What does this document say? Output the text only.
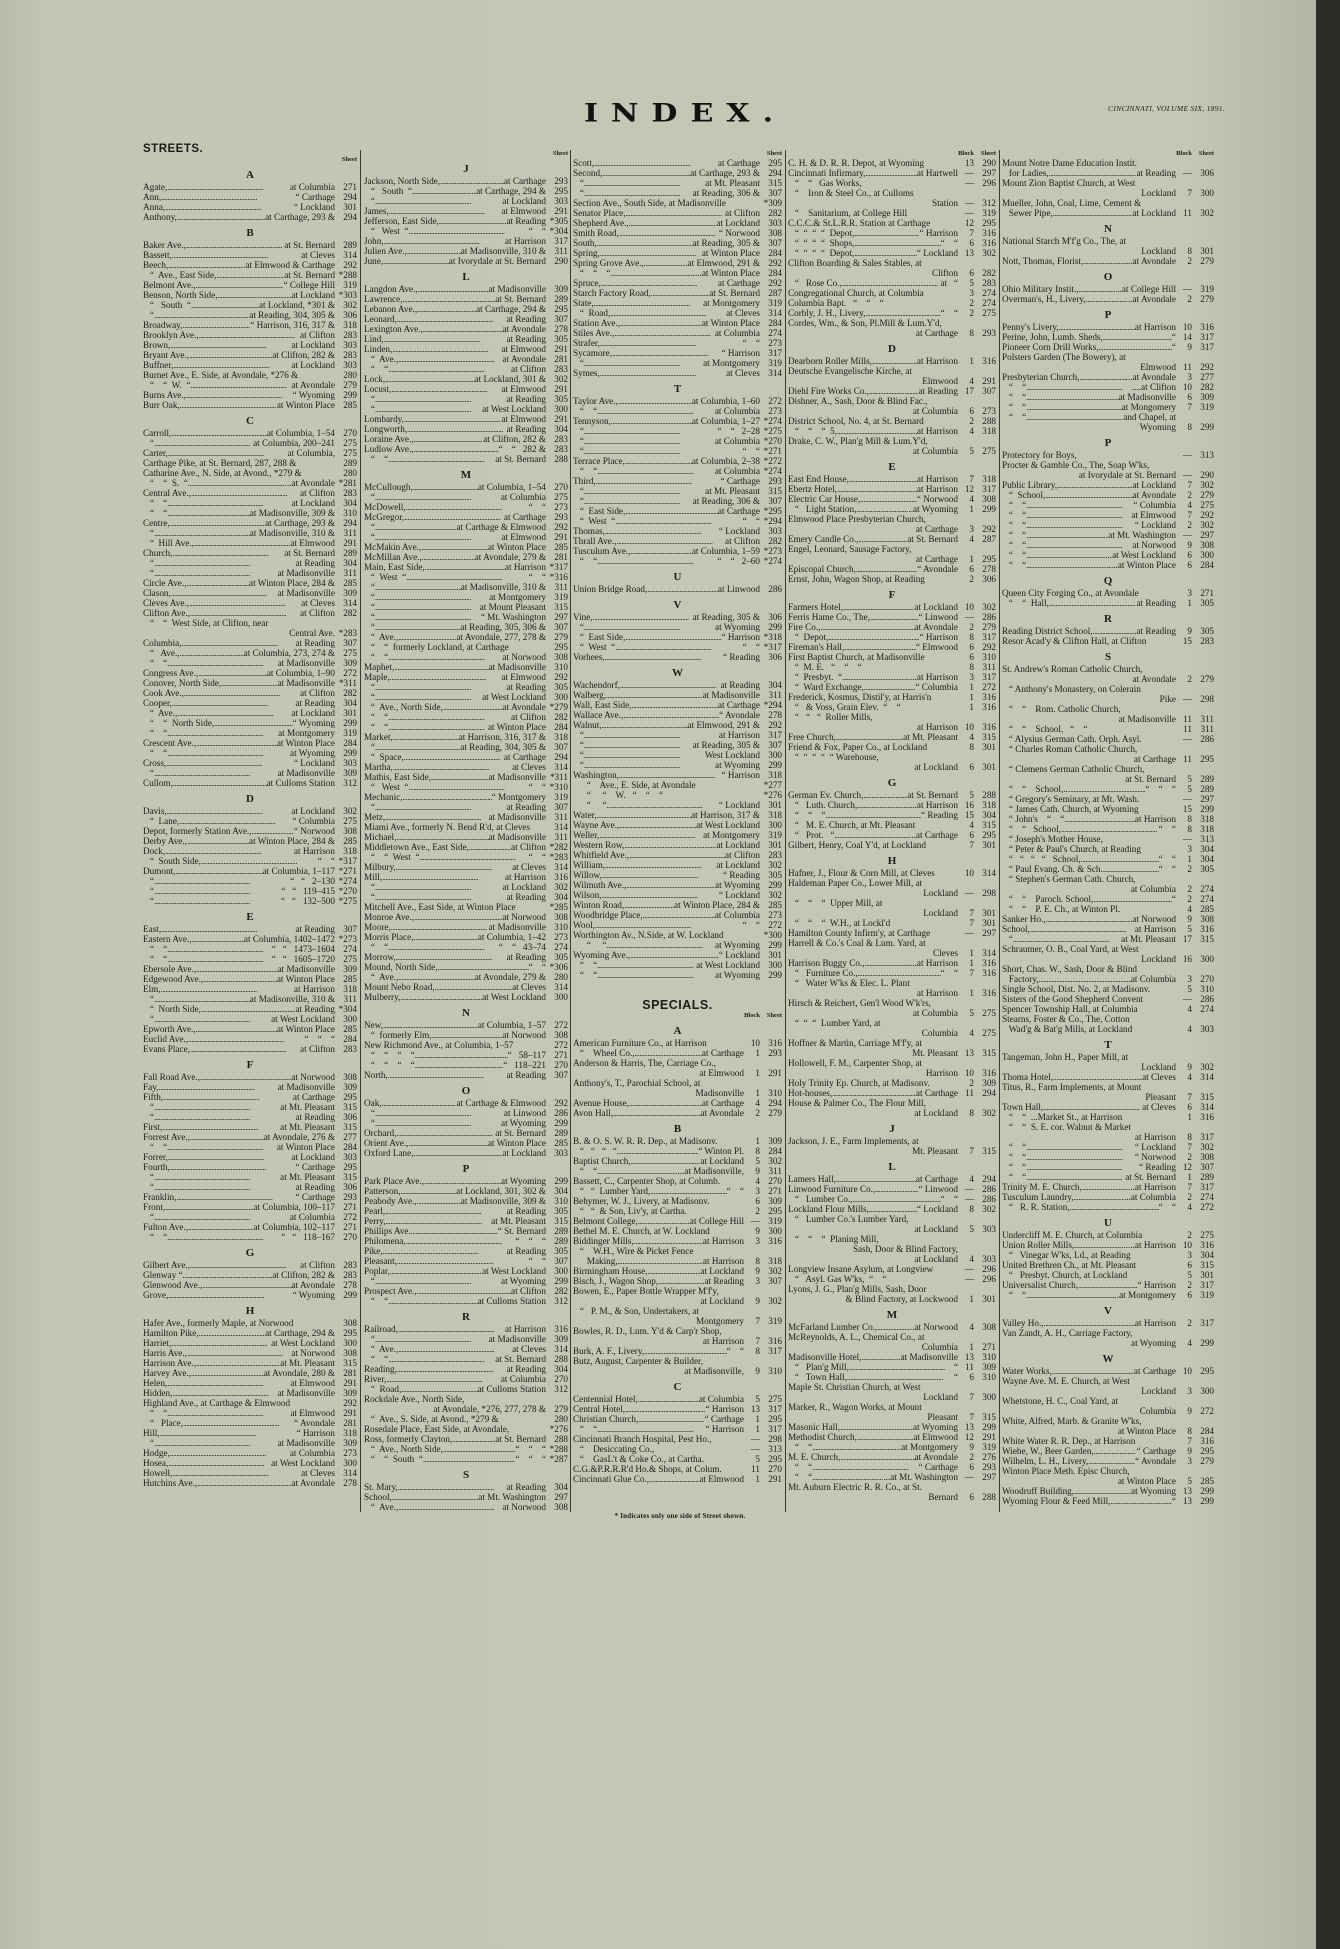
INDEX.	CINCINNATI, VOLUME SIX, 1891.
STREETS.
Sheet
A
Agate, . . .	at Columbia 271
Ann, . . .	“ Carthage 294
Anna, . . .	“ Lockland 301
Anthony, . . .	at Carthage, 293 & 294
B
Baker Ave., . . .	at St. Bernard 289
Bassett, . . .	at Cleves 314
Beech, . . .	at Elmwood & Carthage 292
“  Ave., East Side, . . .	at St. Bernard *288
Belmont Ave., . . .	“ College Hill 319
Benson, North Side, . . .	at Lockland *303
“   South  “ . . .	at Lockland, *301 & 302
“ . . .	at Reading, 304, 305 & 306
Broadway, . . .	“ Harrison, 316, 317 & 318
Brooklyn Ave., . . .	at Clifton 283
Brown, . . .	at Lockland 303
Bryant Ave., . . .	at Clifton, 282 & 283
Buffner, . . .	at Lockland 303
Burnet Ave., E. Side, at Avondale, *276 &	280
“    “  W.  “ . . .	at Avondale 279
Burns Ave., . . .	“ Wyoming 299
Burr Oak, . . .	at Winton Place 285
C
Carroll, . . .	at Columbia, 1–54 270
“ . . .	at Columbia, 200–241 275
Carter, . . .	at Columbia, 275
Carthage Pike, at St. Bernard, 287, 288 &	289
Catharine Ave., N. Side, at Avond., *279 &	280
“    “  S.  “ . . .	...at Avondale *281
Central Ave., . . .	at Clifton 283
“    “ . . .	at Lockland 304
“    “ . . .	at Madisonville, 309 & 310
Centre, . . .	at Carthage, 293 & 294
“ . . .	at Madisonville, 310 & 311
“  Hill Ave., . . .	at Elmwood 291
Church, . . .	at St. Bernard 289
“ . . .	at Reading 304
“ . . .	at Madisonville 311
Circle Ave., . . .	at Winton Place, 284 & 285
Clason, . . .	at Madisonville 309
Cleves Ave., . . .	at Cleves 314
Clifton Ave., . . .	at Clifton 282
“    “  West Side, at Clifton, near
Central Ave. *283
Columbia, . . .	at Reading 307
“   Ave., . . .	at Columbia, 273, 274 & 275
“    “ . . .	at Madisonville 309
Congress Ave., . . .	at Columbia, 1–90 272
Conover, North Side, . . .	at Madisonville *311
Cook Ave., . . .	at Clifton 282
Cooper, . . .	at Reading 304
“  Ave., . . .	at Lockland 301
“    “  North Side, . . .	“ Wyoming 299
“    “ . . .	at Montgomery 319
Crescent Ave., . . .	at Winton Place 284
“    “ . . .	at Wyoming 299
Cross, . . .	“ Lockland 303
“ . . .	at Madisonville 309
Cullom, . . .	at Culloms Station 312
D
Davis, . . .	at Lockland 302
“  Lane, . . .	“ Columbia 275
Depot, formerly Station Ave., . . .	“ Norwood 308
Derby Ave., . . .	at Winton Place, 284 & 285
Dock, . . .	at Harrison 318
“  South Side, . . .	“    “ *317
Dumont, . . .	at Columbia, 1–117 *271
“ . . .	“   “   2–130 *274
“ . . .	“   “   119–415 *270
“ . . .	“   “   132–500 *275
E
East, . . .	at Reading 307
Eastern Ave., . . .	at Columbia, 1402–1472 *273
“    “ . . .	“   “   1473–1604 274
“    “ . . .	“   “   1605–1720 275
Ebersole Ave., . . .	at Madisonville 309
Edgewood Ave., . . .	at Winton Place 285
Elm, . . .	at Harrison 318
“ . . .	at Madisonville, 310 & 311
“  North Side, . . .	at Reading *304
“ . . .	at West Lockland 300
Epworth Ave., . . .	at Winton Place 285
Euclid Ave., . . .	“    “    “ 284
Evans Place, . . .	at Clifton 283
F
Fall Road Ave., . . .	at Norwood 308
Fay, . . .	at Madisonville 309
Fifth, . . .	at Carthage 295
“ . . .	at Mt. Pleasant 315
“ . . .	at Reading 306
First, . . .	at Mt. Pleasant 315
Forrest Ave., . . .	at Avondale, 276 & 277
“    “ . . .	at Winton Place 284
Forrer, . . .	at Lockland 303
Fourth, . . .	“ Carthage 295
“ . . .	at Mt. Pleasant 315
“ . . .	at Reading 306
Franklin, . . .	“ Carthage 293
Front, . . .	at Columbia, 100–117 271
“ . . .	at Columbia 272
Fulton Ave., . . .	at Columbia, 102–117 271
“    “ . . .	“   “   118–167 270
G
Gilbert Ave., . . .	at Clifton 283
Glenway “ . . .	at Clifton, 282 & 283
Glenwood Ave., . . .	at Avondale 278
Grove, . . .	“ Wyoming 299
H
Hafer Ave., formerly Maple, at Norwood	308
Hamilton Pike, . . .	at Carthage, 294 & 295
Harriet, . . .	at West Lockland 300
Harris Ave., . . .	at Norwood 308
Harrison Ave., . . .	at Mt. Pleasant 315
Harvey Ave., . . .	at Avondale, 280 & 281
Helen, . . .	at Elmwood 291
Hidden, . . .	at Madisonville 309
Highland Ave., at Carthage & Elmwood	292
“    “ . . .	at Elmwood 291
“   Place, . . .	“ Avondale 281
Hill, . . .	“ Harrison 318
“ . . .	at Madisonville 309
Hodge, . . .	at Columbia 273
Hosea, . . .	at West Lockland 300
Howell, . . .	at Cleves 314
Hutchins Ave., . . .	at Avondale 278
Sheet
J
Jackson, North Side, . . .	at Carthage 293
“   South  “ . . .	..at Carthage, 294 & 295
“ . . .	at Lockland 303
James, . . .	at Elmwood 291
Jefferson, East Side, . . .	at Reading *305
“   West  “ . . .	“    “ *304
John, . . .	at Harrison 317
Julien Ave., . . .	at Madisonville, 310 & 311
June, . . .	at Ivorydale at St. Bernard 290
L
Langdon Ave., . . .	at Madisonville 309
Lawrence, . . .	at St. Bernard 289
Lebanon Ave., . . .	at Carthage, 294 & 295
Leonard, . . .	at Reading 307
Lexington Ave., . . .	at Avondale 278
Lind, . . .	at Reading 305
Linden, . . .	at Elmwood 291
“  Ave., . . .	at Avondale 281
“    “ . . .	at Clifton 283
Lock, . . .	at Lockland, 301 & 302
Locust, . . .	at Elmwood 291
“ . . .	at Reading 305
“ . . .	at West Lockland 300
Lombardy, . . .	at Elmwood 291
Longworth, . . .	at Reading 304
Loraine Ave., . . .	at Clifton, 282 & 283
Ludlow Ave., . . .	“    “   282 & 283
“    “ . . .	at St. Bernard 288
M
McCullough, . . .	at Columbia, 1–54 270
“ . . .	at Columbia 275
McDowell, . . .	“    “ 273
McGregor, . . .	at Carthage 293
“ . . .	at Carthage & Elmwood 292
“ . . .	at Elmwood 291
McMakin Ave., . . .	at Winton Place 285
McMillan Ave., . . .	at Avondale, 279 & 281
Main, East Side, . . .	at Harrison *317
“  West  “ . . .	“    “ *316
“ . . .	at Madisonville, 310 & 311
“ . . .	at Montgomery 319
“ . . .	at Mount Pleasant 315
“ . . .	“ Mt. Washington 297
“ . . .	at Reading, 305, 306 & 307
“  Ave., . . .	at Avondale, 277, 278 & 279
“    “  formerly Lockland, at Carthage	295
“    “ . . .	at Norwood 308
Maphet, . . .	at Madisonville 310
Maple, . . .	at Elmwood 292
“ . . .	at Reading 305
“ . . .	at West Lockland 300
“  Ave., North Side, . . .	at Avondale *279
“    “ . . .	at Clifton 282
“    “ . . .	at Winton Place 284
Market, . . .	at Harrison, 316, 317 & 318
“ . . .	at Reading, 304, 305 & 307
“  Space, . . .	at Carthage 294
Martha, . . .	at Cleves 314
Mathis, East Side, . . .	at Madisonville *311
“   West  “ . . .	“    “ *310
Mechanic, . . .	“ Montgomery 319
“ . . .	at Reading 307
Metz, . . .	at Madisonville 311
Miami Ave., formerly N. Bend R'd, at Cleves	314
Michael, . . .	at Madisonville 311
Middletown Ave., East Side, . . .	at Clifton *282
“    “  West  “ . . .	“    “ *283
Milbury, . . .	at Cleves 314
Mill, . . .	at Harrison 316
“ . . .	at Lockland 302
“ . . .	at Reading 304
Mitchell Ave., East Side, at Winton Place	*285
Monroe Ave., . . .	at Norwood 308
Moore, . . .	at Madisonville 310
Morris Place, . . .	at Columbia, 1–42 273
“    “ . . .	“    “   43–74 274
Morrow, . . .	at Reading 305
Mound, North Side, . . .	“    “ *306
“  Ave., . . .	at Avondale, 279 & 280
Mount Nebo Road, . . .	at Cleves 314
Mulberry, . . .	at West Lockland 300
N
New, . . .	at Columbia, 1–57 272
“  formerly Elm, . . .	at Norwood 308
New Richmond Ave., at Columbia, 1–57	272
“    “    “    “ . . .	“   58–117 271
“    “    “    “ . . .	“   118–221 270
North, . . .	at Reading 307
O
Oak, . . .	at Carthage & Elmwood 292
“ . . .	at Linwood 286
“ . . .	at Wyoming 299
Orchard, . . .	at St. Bernard 289
Orient Ave., . . .	at Winton Place 285
Oxford Lane, . . .	at Lockland 303
P
Park Place Ave., . . .	at Wyoming 299
Patterson, . . .	at Lockland, 301, 302 & 304
Peabody Ave., . . .	at Madisonville, 309 & 310
Pearl, . . .	at Reading 305
Perry, . . .	at Mt. Pleasant 315
Phillips Ave. . . .	“ St. Bernard 289
Philomena, . . .	“    “    “ 289
Pike, . . .	at Reading 305
Pleasant, . . .	“    “ 307
Poplar, . . .	at West Lockland 300
“ . . .	at Wyoming 299
Prospect Ave., . . .	at Clifton 282
“    “ . . .	at Culloms Station 312
R
Railroad, . . .	at Harrison 316
“ . . .	at Madisonville 309
“  Ave., . . .	at Cleves 314
“    “ . . .	at St. Bernard 288
Reading, . . .	at Reading 304
River, . . .	at Columbia 270
“  Road, . . .	at Culloms Station 312
Rockdale Ave., North Side,
at Avondale, *276, 277, 278 & 279
“  Ave., S. Side, at Avond., *279 &	280
Rosedale Place, East Side, at Avondale,	*276
Ross, formerly Clayton, . . .	..at St. Bernard 288
“  Ave., North Side, . . .	“    “    “ *288
“    “  South  “ . . .	“    “    “ *287
S
St. Mary, . . .	at Reading 304
School, . . .	at Mt. Washington 297
“  Ave., . . .	at Norwood 308
Sheet
Scott, . . .	at Carthage 295
Second, . . .	at Carthage, 293 & 294
“ . . .	at Mt. Pleasant 315
“ . . .	at Reading, 306 & 307
Section Ave., South Side, at Madisonville	*309
Senator Place, . . .	at Clifton 282
Shepherd Ave., . . .	at Lockland 303
Smith Road, . . .	“ Norwood 308
South, . . .	at Reading, 305 & 307
Spring, . . .	at Winton Place 284
Spring Grove Ave., . . .	..at Elmwood, 291 & 292
“    “    “ . . .	....at Winton Place 284
Spruce, . . .	at Carthage 292
Starch Factory Road, . . .	at St. Bernard 287
State, . . .	at Montgomery 319
“  Road, . . .	at Cleves 314
Station Ave., . . .	at Winton Place 284
Stiles Ave., . . .	at Columbia 274
Strafer, . . .	“    “ 273
Sycamore, . . .	“ Harrison 317
“ . . .	at Montgomery 319
Symes, . . .	at Cleves 314
T
Taylor Ave., . . .	at Columbia, 1–60 272
“    “ . . .	at Columbia 273
Tennyson, . . .	at Columbia, 1–27 *274
“ . . .	“    “   2–28 *275
“ . . .	at Columbia *270
“ . . .	“    “ *271
Terrace Place, . . .	at Columbia, 2–38 *272
“    “ . . .	at Columbia *274
Third, . . .	“ Carthage 293
“ . . .	at Mt. Pleasant 315
“ . . .	at Reading, 306 & 307
“  East Side, . . .	at Carthage *295
“  West  “ . . .	“    “ *294
Thomas, . . .	“ Lockland 303
Thrall Ave., . . .	at Clifton 282
Tusculum Ave., . . .	at Columbia, 1–59 *273
“    “ . . .	“    “   2–60 *274
U
Union Bridge Road, . . .	at Linwood 286
V
Vine, . . .	at Reading, 305 & 306
“ . . .	at Wyoming 299
“  East Side, . . .	“ Harrison *318
“  West  “ . . .	“    “ *317
Vorhees, . . .	“ Reading 306
W
Wachendorf, . . .	at Reading 304
Walberg, . . .	at Madisonville 311
Wall, East Side, . . .	at Carthage *294
Wallace Ave., . . .	“ Avondale 278
Walnut, . . .	at Elmwood, 291 & 292
“ . . .	at Harrison 317
“ . . .	at Reading, 305 & 307
“ . . .	West Lockland 300
“ . . .	at Wyoming 299
Washington, . . .	“ Harrison 318
“    Ave., E. Side, at Avondale	*277
“     “    W.   “    “    “	*276
“     “ . . .	“ Lockland 301
Water, . . .	at Harrison, 317 & 318
Wayne Ave., . . .	at West Lockland 300
Weller, . . .	at Montgomery 319
Western Row, . . .	at Lockland 301
Whitfield Ave., . . .	at Clifton 283
William, . . .	at Lockland 302
Willow, . . .	“ Reading 305
Wilmuth Ave., . . .	at Wyoming 299
Wilson, . . .	“ Lockland 302
Winton Road, . . .	at Winton Place, 284 & 285
Woodbridge Place, . . .	at Columbia 273
Wool, . . .	“    “ 272
Worthington Av., N.Side, at W. Lockland	*300
“     “ . . .	at Wyoming 299
Wyoming Ave., . . .	“ Lockland 301
“    “ . . .	at West Lockland 300
“    “ . . .	at Wyoming 299
SPECIALS.
Block	Sheet
A
American Furniture Co., at Harrison	10 316
“    Wheel Co., . . .	at Carthage	1 293
Anderson & Harris, The, Carriage Co.,
at Elmwood	1 291
Anthony's, T., Parochial School, at
Madisonville	1 310
Avenue House, . . .	at Carthage	4 294
Avon Hall, . . .	at Avondale	2 279
B
B. & O. S. W. R. R. Dep., at Madisonv.	1 309
“   “   “   “ . . .	“ Winton Pl.	8 284
Baptist Church, . . .	at Lockland	5 302
“    “ . . .	....at Madisonville,	9 311
Bassett, C., Carpenter Shop, at Columb.	4 270
“   “  Lumber Yard, . . .	“    “	3 271
Behymer, W. J., Livery, at Madisonv.	6 309
“   “  & Son, Liv'y, at Cartha.	2 295
Belmont College, . . .	at College Hill — 319
Bethel M. E. Church, at W. Lockland	9 300
Biddinger Mills, . . .	at Harrison	3 316
“    W.H., Wire & Picket Fence
Making, . . .	at Harrison	8 318
Birmingham House, . . .	at Lockland	9 302
Bisch, J., Wagon Shop, . . .	..at Reading	3 307
Bowen, E., Paper Bottle Wrapper M'f'y,
at Lockland	9 302
“   P. M., & Son, Undertakers, at
Montgomery	7 319
Bowles, R. D., Lum. Y'd & Carp'r Shop,
at Harrison	7 316
Burk, A. F., Livery, . . .	“    “	8 317
Butz, August, Carpenter & Builder,
at Madisonville,	9 310
C
Centennial Hotel, . . .	at Columbia	5 275
Central Hotel, . . .	“ Harrison 13 317
Christian Church, . . .	“ Carthage	1 295
“    “ . . .	“ Harrison	1 317
Cincinnati Branch Hospital, Pest Ho.,	— 298
“    Desiccating Co.,	— 313
“    GasL't & Coke Co., at Cartha.	5 295
C.G.&P.R.R.R'd Ho.& Shops, at Colum.	11 270
Cincinnati Glue Co., . . .	at Elmwood	1 291
Block	Sheet
C. H. & D. R. R. Depot, at Wyoming	13 290
Cincinnati Infirmary, . . .	at Hartwell — 297
“    “   Gas Works,	— 296
“    Iron & Steel Co., at Culloms
Station — 312
“    Sanitarium, at College Hill	— 319
C.C.C.& St.L.R.R. Station at Carthage	12 295
“  “  “  “  Depot, . . .	“ Harrison	7 316
“  “  “  “  Shops, . . .	“    “	6 316
“  “  “  “  Depot, . . .	“ Lockland 13 302
Clifton Boarding & Sales Stables, at
Clifton	6 282
“   Rose Co., . . .	at   “	5 283
Congregational Church, at Columbia	3 274
Columbia Bapt.   “    “    “	2 274
Corbly, J. H., Livery, . . .	“    “	2 275
Cordes, Wm., & Son, Pl.Mill & Lum.Y'd,
at Carthage	8 293
D
Dearborn Roller Mills, . . .	at Harrison	1 316
Deutsche Evangelische Kirche, at
Elmwood	4 291
Diehl Fire Works Co., . . .	at Reading 17 307
Dishner, A., Sash, Door & Blind Fac.,
at Columbia	6 273
District School, No. 4, at St. Bernard	2 288
“    “    “  5, . . .	at Harrison	4 318
Drake, C. W., Plan'g Mill & Lum.Y'd,
at Columbia	5 275
E
East End House, . . .	at Harrison	7 318
Ebertz Hotel, . . .	at Harrison 12 317
Electric Car House, . . .	“ Norwood	4 308
“   Light Station, . . .	..at Wyoming	1 299
Elmwood Place Presbyterian Church,
at Carthage	3 292
Emery Candle Co., . . .	at St. Bernard	4 287
Engel, Leonard, Sausage Factory,
at Carthage	1 295
Episcopal Church, . . .	“ Avondale	6 278
Ernst, John, Wagon Shop, at Reading	2 306
F
Farmers Hotel, . . .	at Lockland 10 302
Ferris Hame Co., The, . . .	“ Linwood — 286
Fire Co., . . .	at Avondale	2 279
“  Depot, . . .	“ Harrison	8 317
Fireman's Hall, . . .	“ Elmwood	6 292
First Baptist Church, at Madisonville	6 310
“  M. E.   “    “    “	8 311
“  Presbyt.  “ . . .	...at Harrison	3 317
“  Ward Exchange, . . .	“ Columbia	1 272
Frederick, Kosmus, Distil'y, at Harris'n	1 316
“   & Voss, Grain Elev.  “    “	1 316
“   “   “  Roller Mills,
at Harrison 10 316
Free Church, . . .	at Mt. Pleasant	4 315
Friend & Fox, Paper Co., at Lockland	8 301
“  “  “  “  “ Warehouse,
at Lockland	6 301
G
German Ev. Church, . . .	..at St. Bernard	5 288
“   Luth. Church, . . .	...at Harrison 16 318
“    “    “ . . .	“ Reading 15 304
“   M. E. Church, at Mt. Pleasant	4 315
“   Prot.   “ . . .	...at Carthage	6 295
Gilbert, Henry, Coal Y'd, at Lockland	7 301
H
Hafner, J., Flour & Corn Mill, at Cleves	10 314
Haldeman Paper Co., Lower Mill, at
Lockland — 298
“    “    “  Upper Mill, at
Lockland	7 301
“    “    “  W.H., at Lockl'd	7 301
Hamilton County Infirm'y, at Carthage	— 297
Harrell & Co.'s Coal & Lum. Yard, at
Cleves	1 314
Harrison Buggy Co., . . .	....at Harrison	1 316
“   Furniture Co., . . .	“    “	7 316
“   Water W'ks & Elec. L. Plant
at Harrison	1 316
Hirsch & Reichert, Gen'l Wood W'k'rs,
at Columbia	5 275
“  “  “  Lumber Yard, at
Columbia	4 275
Hoffner & Martin, Carriage M'f'y, at
Mt. Pleasant 13 315
Hollowell, F. M., Carpenter Shop, at
Harrison 10 316
Holy Trinity Ep. Church, at Madisonv.	2 309
Hot-houses, . . .	at Carthage 11 294
House & Palmer Co., The Flour Mill,
at Lockland	8 302
J
Jackson, J. E., Farm Implements, at
Mt. Pleasant	7 315
L
Lamers Hall, . . .	at Carthage	4 294
Linwood Furniture Co., . . .	“ Linwood — 286
“   Lumber Co., . . .	“    “ — 286
Lockland Flour Mills, . . .	“ Lockland	8 302
“   Lumber Co.'s Lumber Yard,
at Lockland	5 303
“    “    “  Planing Mill,
Sash, Door & Blind Factory,
at Lockland	4 303
Longview Insane Asylum, at Longview	— 296
“   Asyl. Gas W'ks,  “    “	— 296
Lyons, J. G., Plan'g Mills, Sash, Door
& Blind Factory, at Lockwood	1 301
M
McFarland Lumber Co., . . .	..at Norwood	4 308
McReynolds, A. L., Chemical Co., at
Columbia	1 271
Madisonville Hotel, . . .	..at Madisonville 13 310
“   Plan'g Mill, . . .	“ 11 309
“   Town Hall, . . .	“	6 310
Maple St. Christian Church, at West
Lockland	7 300
Marker, R., Wagon Works, at Mount
Pleasant	7 315
Masonic Hall, . . .	at Wyoming 13 299
Methodist Church, . . .	at Elmwood 12 291
“    “ . . .	...at Montgomery	9 319
M. E. Church, . . .	at Avondale	2 276
“    “ . . .	“ Carthage	6 293
“    “ . . .	...at Mt. Washington — 297
Mt. Auburn Electric R. R. Co., at St.
Bernard	6 288
Block	Sheet
Mount Notre Dame Education Instit.
for Ladies, . . .	at Reading — 306
Mount Zion Baptist Church, at West
Lockland	7 300
Mueller, John, Coal, Lime, Cement &
Sewer Pipe, . . .	at Lockland 11 302
N
National Starch M'f'g Co., The, at
Lockland	8 301
Nott, Thomas, Florist, . . .	..at Avondale	2 279
O
Ohio Military Instit., . . .	..at College Hill — 319
Overman's, H., Livery, . . .	..at Avondale	2 279
P
Penny's Livery, . . .	at Harrison 10 316
Perine, John, Lumb. Sheds, . . .	“ 14 317
Pioneer Corn Drill Works, . . .	“	9 317
Polsters Garden (The Bowery), at
Elmwood 11 292
Presbyterian Church, . . .	...at Avondale	3 277
“    “ . . .	....at Clifton 10 282
“    “ . . .	at Madisonville	6 309
“    “ . . .	at Mongomery	7 319
“    “ . . .	and Chapel, at
Wyoming	8 299
P
Protectory for Boys,	— 313
Procter & Gamble Co., The, Soap W'ks,
at Ivorydale at St. Bernard — 290
Public Library, . . .	at Lockland	7 302
“  School, . . .	at Avondale	2 279
“    “ . . .	“ Columbia	4 275
“    “ . . .	at Elmwood	7 292
“    “ . . .	“ Lockland	2 302
“    “ . . .	..at Mt. Washington — 297
“    “ . . .	at Norwood	9 308
“    “ . . .	...at West Lockland	6 300
“    “ . . .	....at Winton Place	6 284
Q
Queen City Forging Co., at Avondale	3 271
“    “  Hall, . . .	at Reading	1 305
R
Reading District School, . . .	..at Reading	9 305
Resor Acad'y & Clifton Hall, at Clifton	15 283
S
St. Andrew's Roman Catholic Church,
at Avondale	2 279
“ Anthony's Monastery, on Colerain
Pike — 298
“    “    Rom. Catholic Church,
at Madisonville 11 311
“    “    School,   “    “	11 311
“ Alysius German Cath. Orph. Asyl.	— 286
“ Charles Roman Catholic Church,
at Carthage 11 295
“ Clemens German Catholic Church,
at St. Bernard	5 289
“    “    School,... . . .	“    “    “	5 289
“ Gregory's Seminary, at Mt. Wash.	— 297
“ James Cath. Church, at Wyoming	15 299
“ John's    “    “ . . .	at Harrison	8 318
“    “   School, . . .	“    “	8 318
“ Joseph's Mother House,	— 313
“ Peter & Paul's Church, at Reading	3 304
“   “   “   “   School, . . .	“    “	1 304
“ Paul Evang. Ch. & Sch. . . .	“    “	2 305
“ Stephen's German Cath. Church,
at Columbia	2 274
“    “    Paroch. School, . . .	“	2 274
“    “    P. E. Ch., at Winton Pl.	4 285
Sanker Ho., . . .	at Norwood	9 308
School, . . .	at Harrison	5 316
“ . . .	at Mt. Pleasant 17 315
Schraumer, O. B., Coal Yard, at West
Lockland 16 300
Short, Chas. W., Sash, Door & Blind
Factory, . . .	at Columbia	3 270
Single School, Dist. No. 2, at Madisonv.	5 310
Sisters of the Good Shepherd Convent	— 286
Spencer Township Hall, at Columbia	4 274
Stearns, Foster & Co., The, Cotton
Wad'g & Bat'g Mills, at Lockland	4 303
T
Tangeman, John H., Paper Mill, at
Lockland	9 302
Thoma Hotel, . . .	at Cleves	4 314
Titus, R., Farm Implements, at Mount
Pleasant	7 315
Town Hall, . . .	at Cleves	6 314
“    “  ...Market St., at Harrison	1 316
“    “  S. E. cor. Walnut & Market
at Harrison	8 317
“    “ . . .	“ Lockland	7 302
“    “ . . .	“ Norwood	2 308
“    “ . . .	“ Reading 12 307
“    “ . . .	at St. Bernard	1 289
Trinity M. E. Church, . . .	....at Harrison	7 317
Tusculum Laundry, . . .	....at Columbia	2 274
“   R. R. Station, . . .	“    “	4 272
U
Undercliff M. E. Church, at Columbia	2 275
Union Roller Mills, . . .	......at Harrison 10 316
“   Vinegar W'ks, Ld., at Reading	3 304
United Brethren Ch., at Mt. Pleasant	6 315
“   Presbyt. Church, at Lockland	5 301
Universalist Church, . . .	“ Harrison	2 317
“    “ . . .	..at Montgomery	6 319
V
Valley Ho., . . .	at Harrison	2 317
Van Zandt, A. H., Carriage Factory,
at Wyoming	4 299
W
Water Works, . . .	at Carthage 10 295
Wayne Ave. M. E. Church, at West
Lockland	3 300
Whetstone, H. C., Coal Yard, at
Columbia	9 272
White, Alfred, Marb. & Granite W'ks,
at Winton Place	8 284
White Water R. R. Dep., at Harrison	7 316
Wiehe, W., Beer Garden, . . .	“ Carthage	9 295
Wilhelm, L. H., Livery, . . .	“ Avondale	3 279
Winton Place Meth. Episc Church,
at Winton Place	5 285
Woodruff Building, . . .	at Wyoming 13 299
Wyoming Flour & Feed Mill, . . .	“ 13 299
* Indicates only one side of Street shown.
